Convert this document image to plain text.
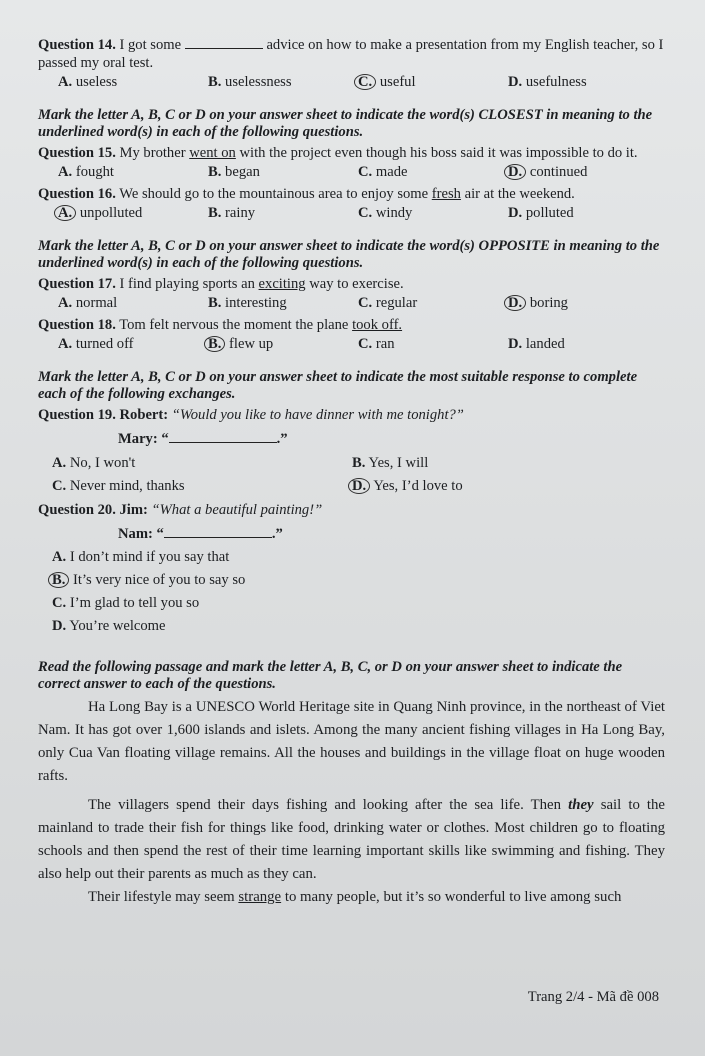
Question 14. I got some	advice on how to make a presentation from my English teacher, so I passed my oral test.

A. useless	B. uselessness	C. useful	D. usefulness

Mark the letter A, B, C or D on your answer sheet to indicate the word(s) CLOSEST in meaning to the underlined word(s) in each of the following questions.

Question 15. My brother went on with the project even though his boss said it was impossible to do it.

A. fought	B. began	C. made	D. continued

Question 16. We should go to the mountainous area to enjoy some fresh air at the weekend.

A. unpolluted	B. rainy	C. windy	D. polluted

Mark the letter A, B, C or D on your answer sheet to indicate the word(s) OPPOSITE in meaning to the underlined word(s) in each of the following questions.

Question 17. I find playing sports an exciting way to exercise.

A. normal	B. interesting	C. regular	D. boring

Question 18. Tom felt nervous the moment the plane took off.

A. turned off	B. flew up	C. ran	D. landed

Mark the letter A, B, C or D on your answer sheet to indicate the most suitable response to complete each of the following exchanges.

Question 19. Robert: “Would you like to have dinner with me tonight?”

Mary: “	.”

A. No, I won't	B. Yes, I will
C. Never mind, thanks	D. Yes, I’d love to

Question 20. Jim: “What a beautiful painting!”

Nam: “	.”

A. I don’t mind if you say that
B. It’s very nice of you to say so
C. I’m glad to tell you so
D. You’re welcome

Read the following passage and mark the letter A, B, C, or D on your answer sheet to indicate the correct answer to each of the questions.

Ha Long Bay is a UNESCO World Heritage site in Quang Ninh province, in the northeast of Viet Nam. It has got over 1,600 islands and islets. Among the many ancient fishing villages in Ha Long Bay, only Cua Van floating village remains. All the houses and buildings in the village float on huge wooden rafts.

The villagers spend their days fishing and looking after the sea life. Then they sail to the mainland to trade their fish for things like food, drinking water or clothes. Most children go to floating schools and then spend the rest of their time learning important skills like swimming and fishing. They also help out their parents as much as they can.

Their lifestyle may seem strange to many people, but it’s so wonderful to live among such

Trang 2/4 - Mã đề 008
